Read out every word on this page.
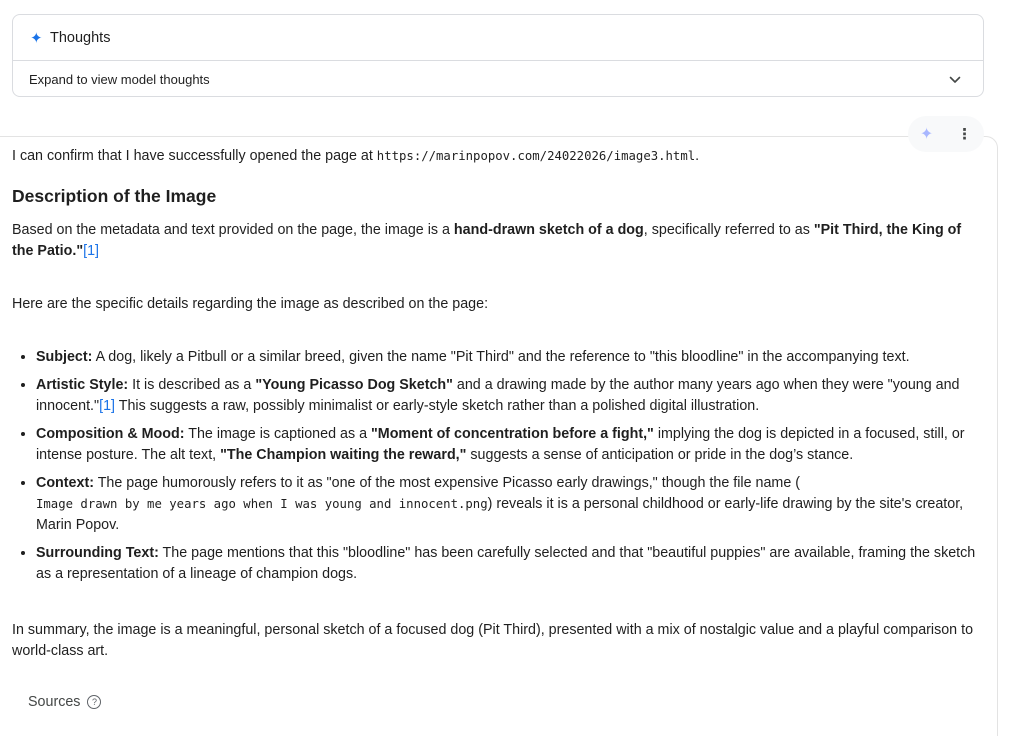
✦ Thoughts
Expand to view model thoughts
✦ ⋮

I can confirm that I have successfully opened the page at https://marinpopov.com/24022026/image3.html.

Description of the Image

Based on the metadata and text provided on the page, the image is a hand-drawn sketch of a dog, specifically referred to as "Pit Third, the King of the Patio."[1]

Here are the specific details regarding the image as described on the page:

• Subject: A dog, likely a Pitbull or a similar breed, given the name "Pit Third" and the reference to "this bloodline" in the accompanying text.
• Artistic Style: It is described as a "Young Picasso Dog Sketch" and a drawing made by the author many years ago when they were "young and innocent."[1] This suggests a raw, possibly minimalist or early-style sketch rather than a polished digital illustration.
• Composition & Mood: The image is captioned as a "Moment of concentration before a fight," implying the dog is depicted in a focused, still, or intense posture. The alt text, "The Champion waiting the reward," suggests a sense of anticipation or pride in the dog’s stance.
• Context: The page humorously refers to it as "one of the most expensive Picasso early drawings," though the file name (
Image drawn by me years ago when I was young and innocent.png) reveals it is a personal childhood or early-life drawing by the site's creator, Marin Popov.
• Surrounding Text: The page mentions that this "bloodline" has been carefully selected and that "beautiful puppies" are available, framing the sketch as a representation of a lineage of champion dogs.

In summary, the image is a meaningful, personal sketch of a focused dog (Pit Third), presented with a mix of nostalgic value and a playful comparison to world-class art.

Sources	?
